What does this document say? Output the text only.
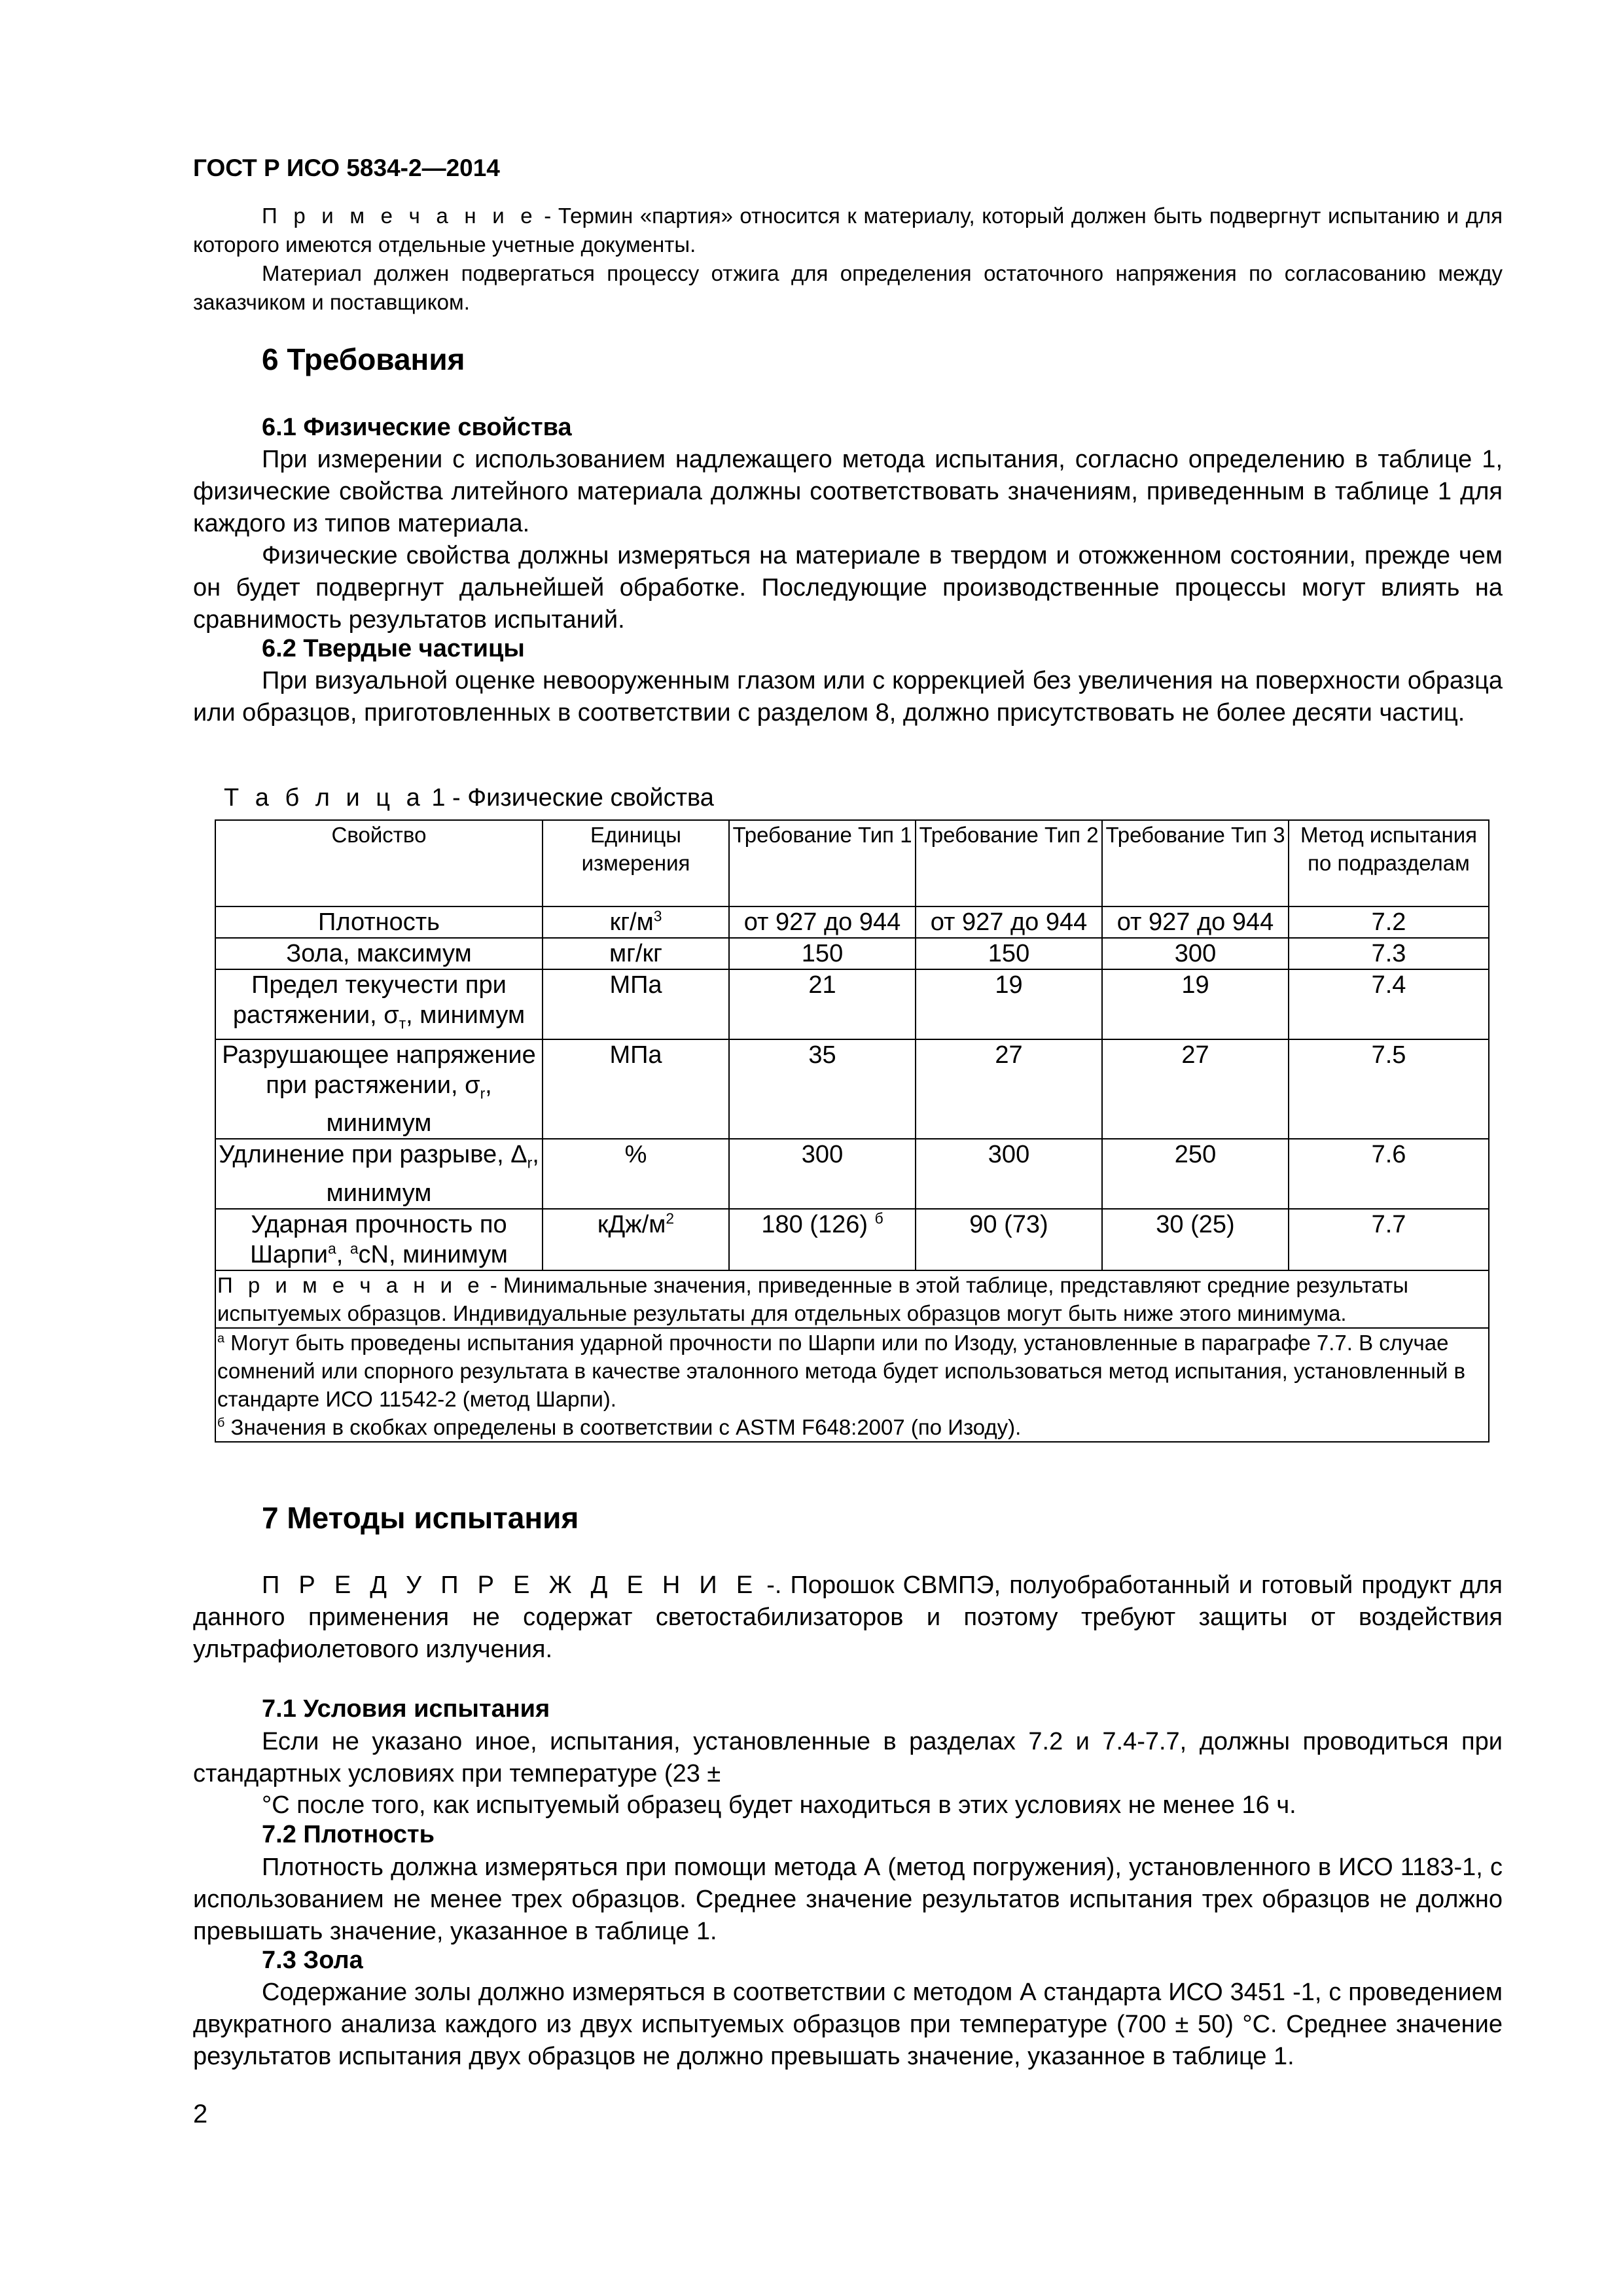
ГОСТ Р ИСО 5834-2—2014
П р и м е ч а н и е - Термин «партия» относится к материалу, который должен быть подвергнут испытанию и для которого имеются отдельные учетные документы.
Материал должен подвергаться процессу отжига для определения остаточного напряжения по согласованию между заказчиком и поставщиком.
6 Требования
6.1 Физические свойства
При измерении с использованием надлежащего метода испытания, согласно определению в таблице 1, физические свойства литейного материала должны соответствовать значениям, приведенным в таблице 1 для каждого из типов материала.
Физические свойства должны измеряться на материале в твердом и отожженном состоянии, прежде чем он будет подвергнут дальнейшей обработке. Последующие производственные процессы могут влиять на сравнимость результатов испытаний.
6.2 Твердые частицы
При визуальной оценке невооруженным глазом или с коррекцией без увеличения на поверхности образца или образцов, приготовленных в соответствии с разделом 8, должно присутствовать не более десяти частиц.
Т а б л и ц а 1 - Физические свойства
Свойство	Единицы измерения	Требование Тип 1	Требование Тип 2	Требование Тип 3	Метод испытания по подразделам
Плотность	$кг/м^3$	от 927 до 944	от 927 до 944	от 927 до 944	7.2
Зола, максимум	мг/кг	150	150	300	7.3
Предел текучести при растяжении, $\sigma_т$, минимум	МПа	21	19	19	7.4
Разрушающее напряжение при растяжении, $\sigma_r$, минимум	МПа	35	27	27	7.5
Удлинение при разрыве, $\Delta_r$, минимум	%	300	300	250	7.6
Ударная прочность по Шарпи$^a$, $^a$cN, минимум	кДж/$м^2$	180 (126) $^б$	90 (73)	30 (25)	7.7
П р и м е ч а н и е - Минимальные значения, приведенные в этой таблице, представляют средние результаты испытуемых образцов. Индивидуальные результаты для отдельных образцов могут быть ниже этого минимума.					

$^а$ Могут быть проведены испытания ударной прочности по Шарпи или по Изоду, установленные в параграфе 7.7. В случае сомнений или спорного результата в качестве эталонного метода будет использоваться метод испытания, установленный в стандарте ИСО 11542-2 (метод Шарпи).
$^б$ Значения в скобках определены в соответствии с ASTM F648:2007 (по Изоду).					
7 Методы испытания
П Р Е Д У П Р Е Ж Д Е Н И Е -. Порошок СВМПЭ, полуобработанный и готовый продукт для данного применения не содержат светостабилизаторов и поэтому требуют защиты от воздействия ультрафиолетового излучения.
7.1 Условия испытания
Если не указано иное, испытания, установленные в разделах 7.2 и 7.4-7.7, должны проводиться при стандартных условиях при температуре (23 ±
°С после того, как испытуемый образец будет находиться в этих условиях не менее 16 ч.
7.2 Плотность
Плотность должна измеряться при помощи метода А (метод погружения), установленного в ИСО 1183-1, с использованием не менее трех образцов. Среднее значение результатов испытания трех образцов не должно превышать значение, указанное в таблице 1.
7.3 Зола
Содержание золы должно измеряться в соответствии с методом А стандарта ИСО 3451 -1, с проведением двукратного анализа каждого из двух испытуемых образцов при температуре (700 ± 50) °С. Среднее значение результатов испытания двух образцов не должно превышать значение, указанное в таблице 1.
2
